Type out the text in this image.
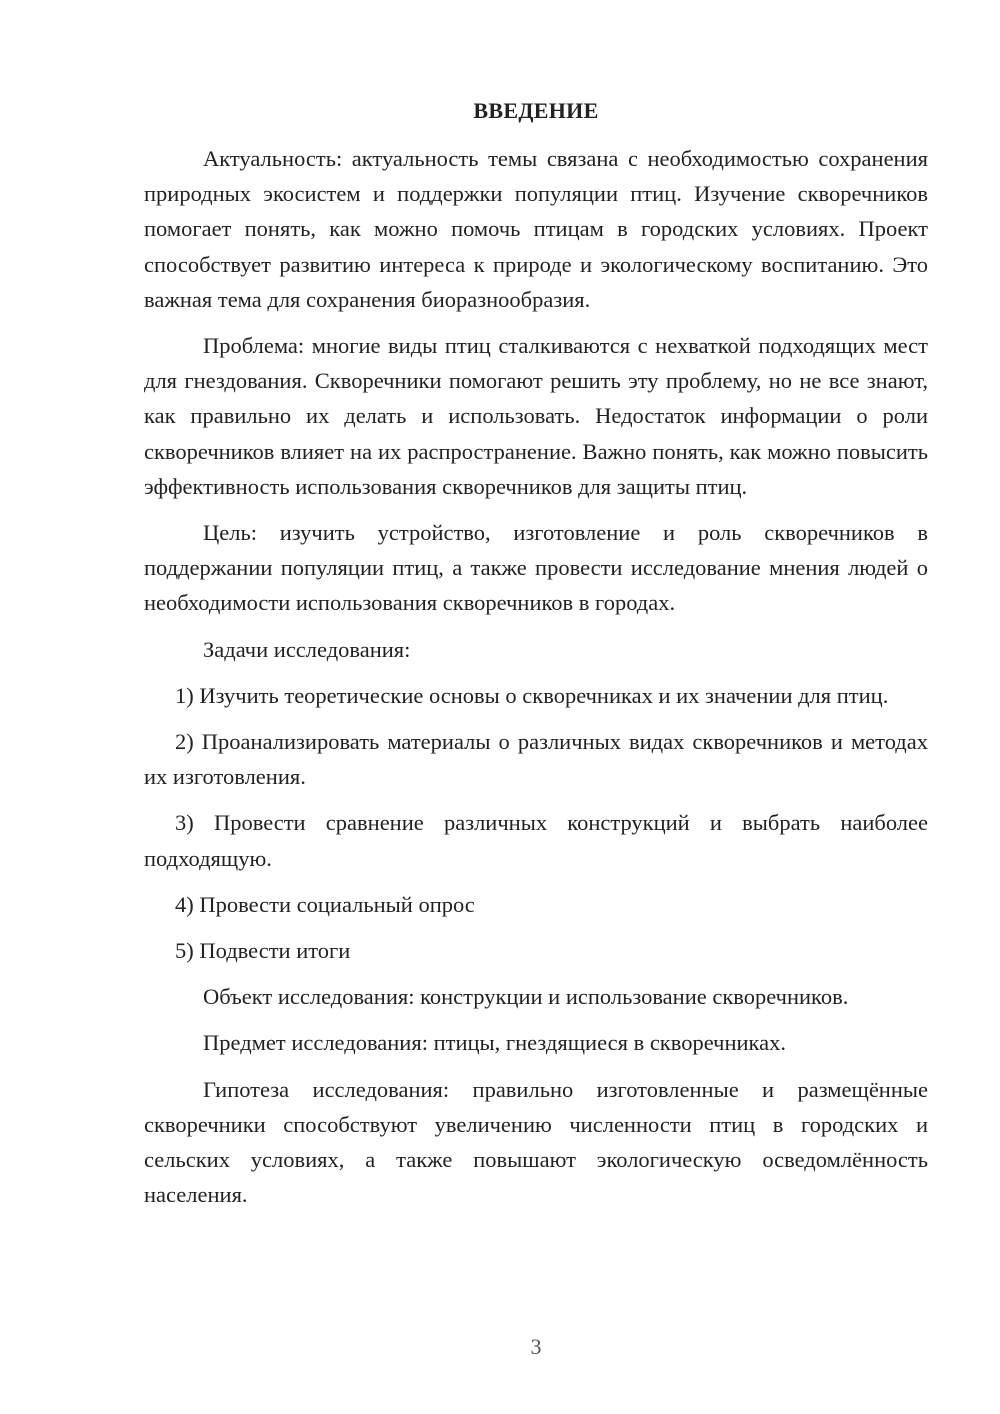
ВВЕДЕНИЕ

Актуальность: актуальность темы связана с необходимостью сохранения природных экосистем и поддержки популяции птиц. Изучение скворечников помогает понять, как можно помочь птицам в городских условиях. Проект способствует развитию интереса к природе и экологическому воспитанию. Это важная тема для сохранения биоразнообразия.

Проблема: многие виды птиц сталкиваются с нехваткой подходящих мест для гнездования. Скворечники помогают решить эту проблему, но не все знают, как правильно их делать и использовать. Недостаток информации о роли скворечников влияет на их распространение. Важно понять, как можно повысить эффективность использования скворечников для защиты птиц.

Цель: изучить устройство, изготовление и роль скворечников в поддержании популяции птиц, а также провести исследование мнения людей о необходимости использования скворечников в городах.

Задачи исследования:

1) Изучить теоретические основы о скворечниках и их значении для птиц.

2) Проанализировать материалы о различных видах скворечников и методах их изготовления.

3) Провести сравнение различных конструкций и выбрать наиболее подходящую.

4) Провести социальный опрос

5) Подвести итоги

Объект исследования: конструкции и использование скворечников.

Предмет исследования: птицы, гнездящиеся в скворечниках.

Гипотеза исследования: правильно изготовленные и размещённые скворечники способствуют увеличению численности птиц в городских и сельских условиях, а также повышают экологическую осведомлённость населения.

3
